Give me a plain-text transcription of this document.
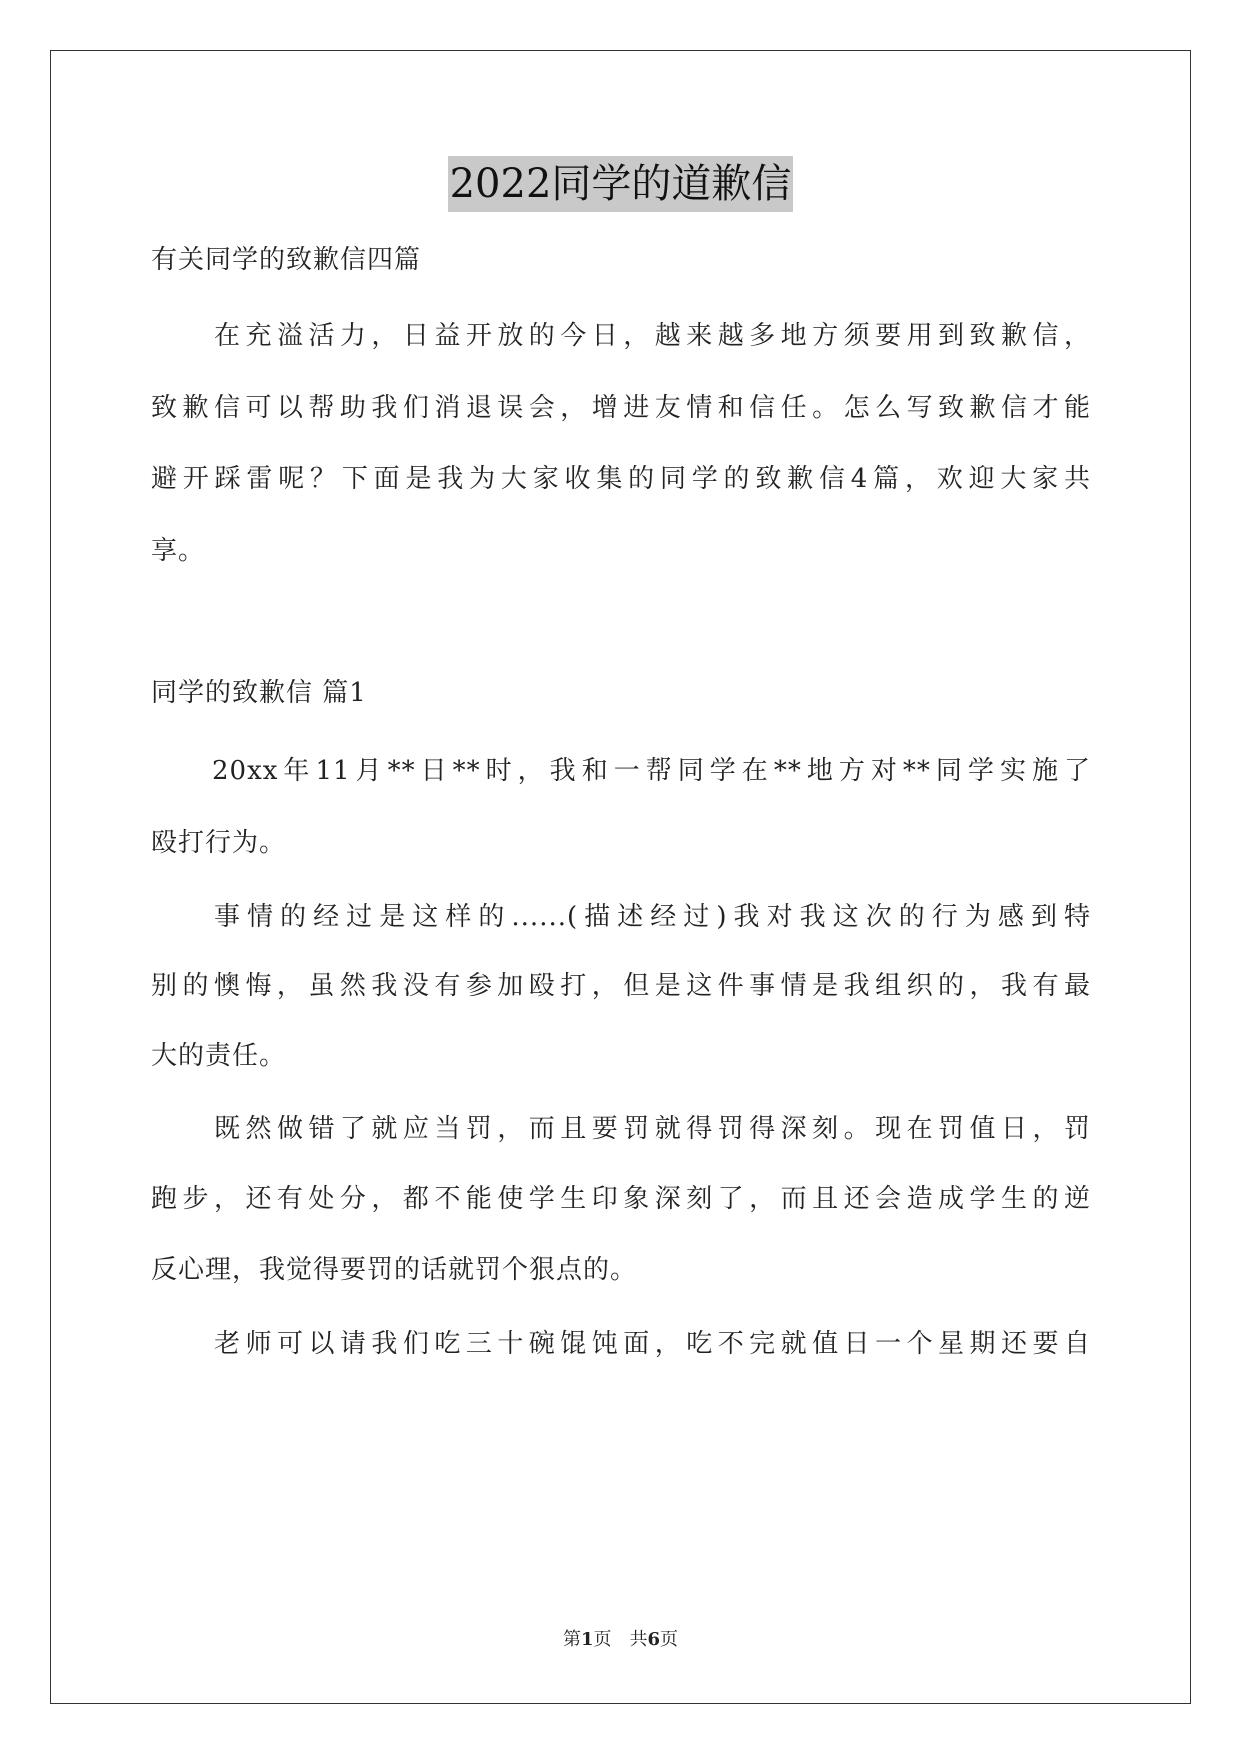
2022同学的道歉信
有关同学的致歉信四篇
在充溢活力，日益开放的今日，越来越多地方须要用到致歉信，
致歉信可以帮助我们消退误会，增进友情和信任。怎么写致歉信才能
避开踩雷呢？下面是我为大家收集的同学的致歉信4篇，欢迎大家共
享。
同学的致歉信 篇1
20xx年11月**日**时，我和一帮同学在**地方对**同学实施了
殴打行为。
事情的经过是这样的......(描述经过)我对我这次的行为感到特
别的懊悔，虽然我没有参加殴打，但是这件事情是我组织的，我有最
大的责任。
既然做错了就应当罚，而且要罚就得罚得深刻。现在罚值日，罚
跑步，还有处分，都不能使学生印象深刻了，而且还会造成学生的逆
反心理，我觉得要罚的话就罚个狠点的。
老师可以请我们吃三十碗馄饨面，吃不完就值日一个星期还要自
第1页　共6页
